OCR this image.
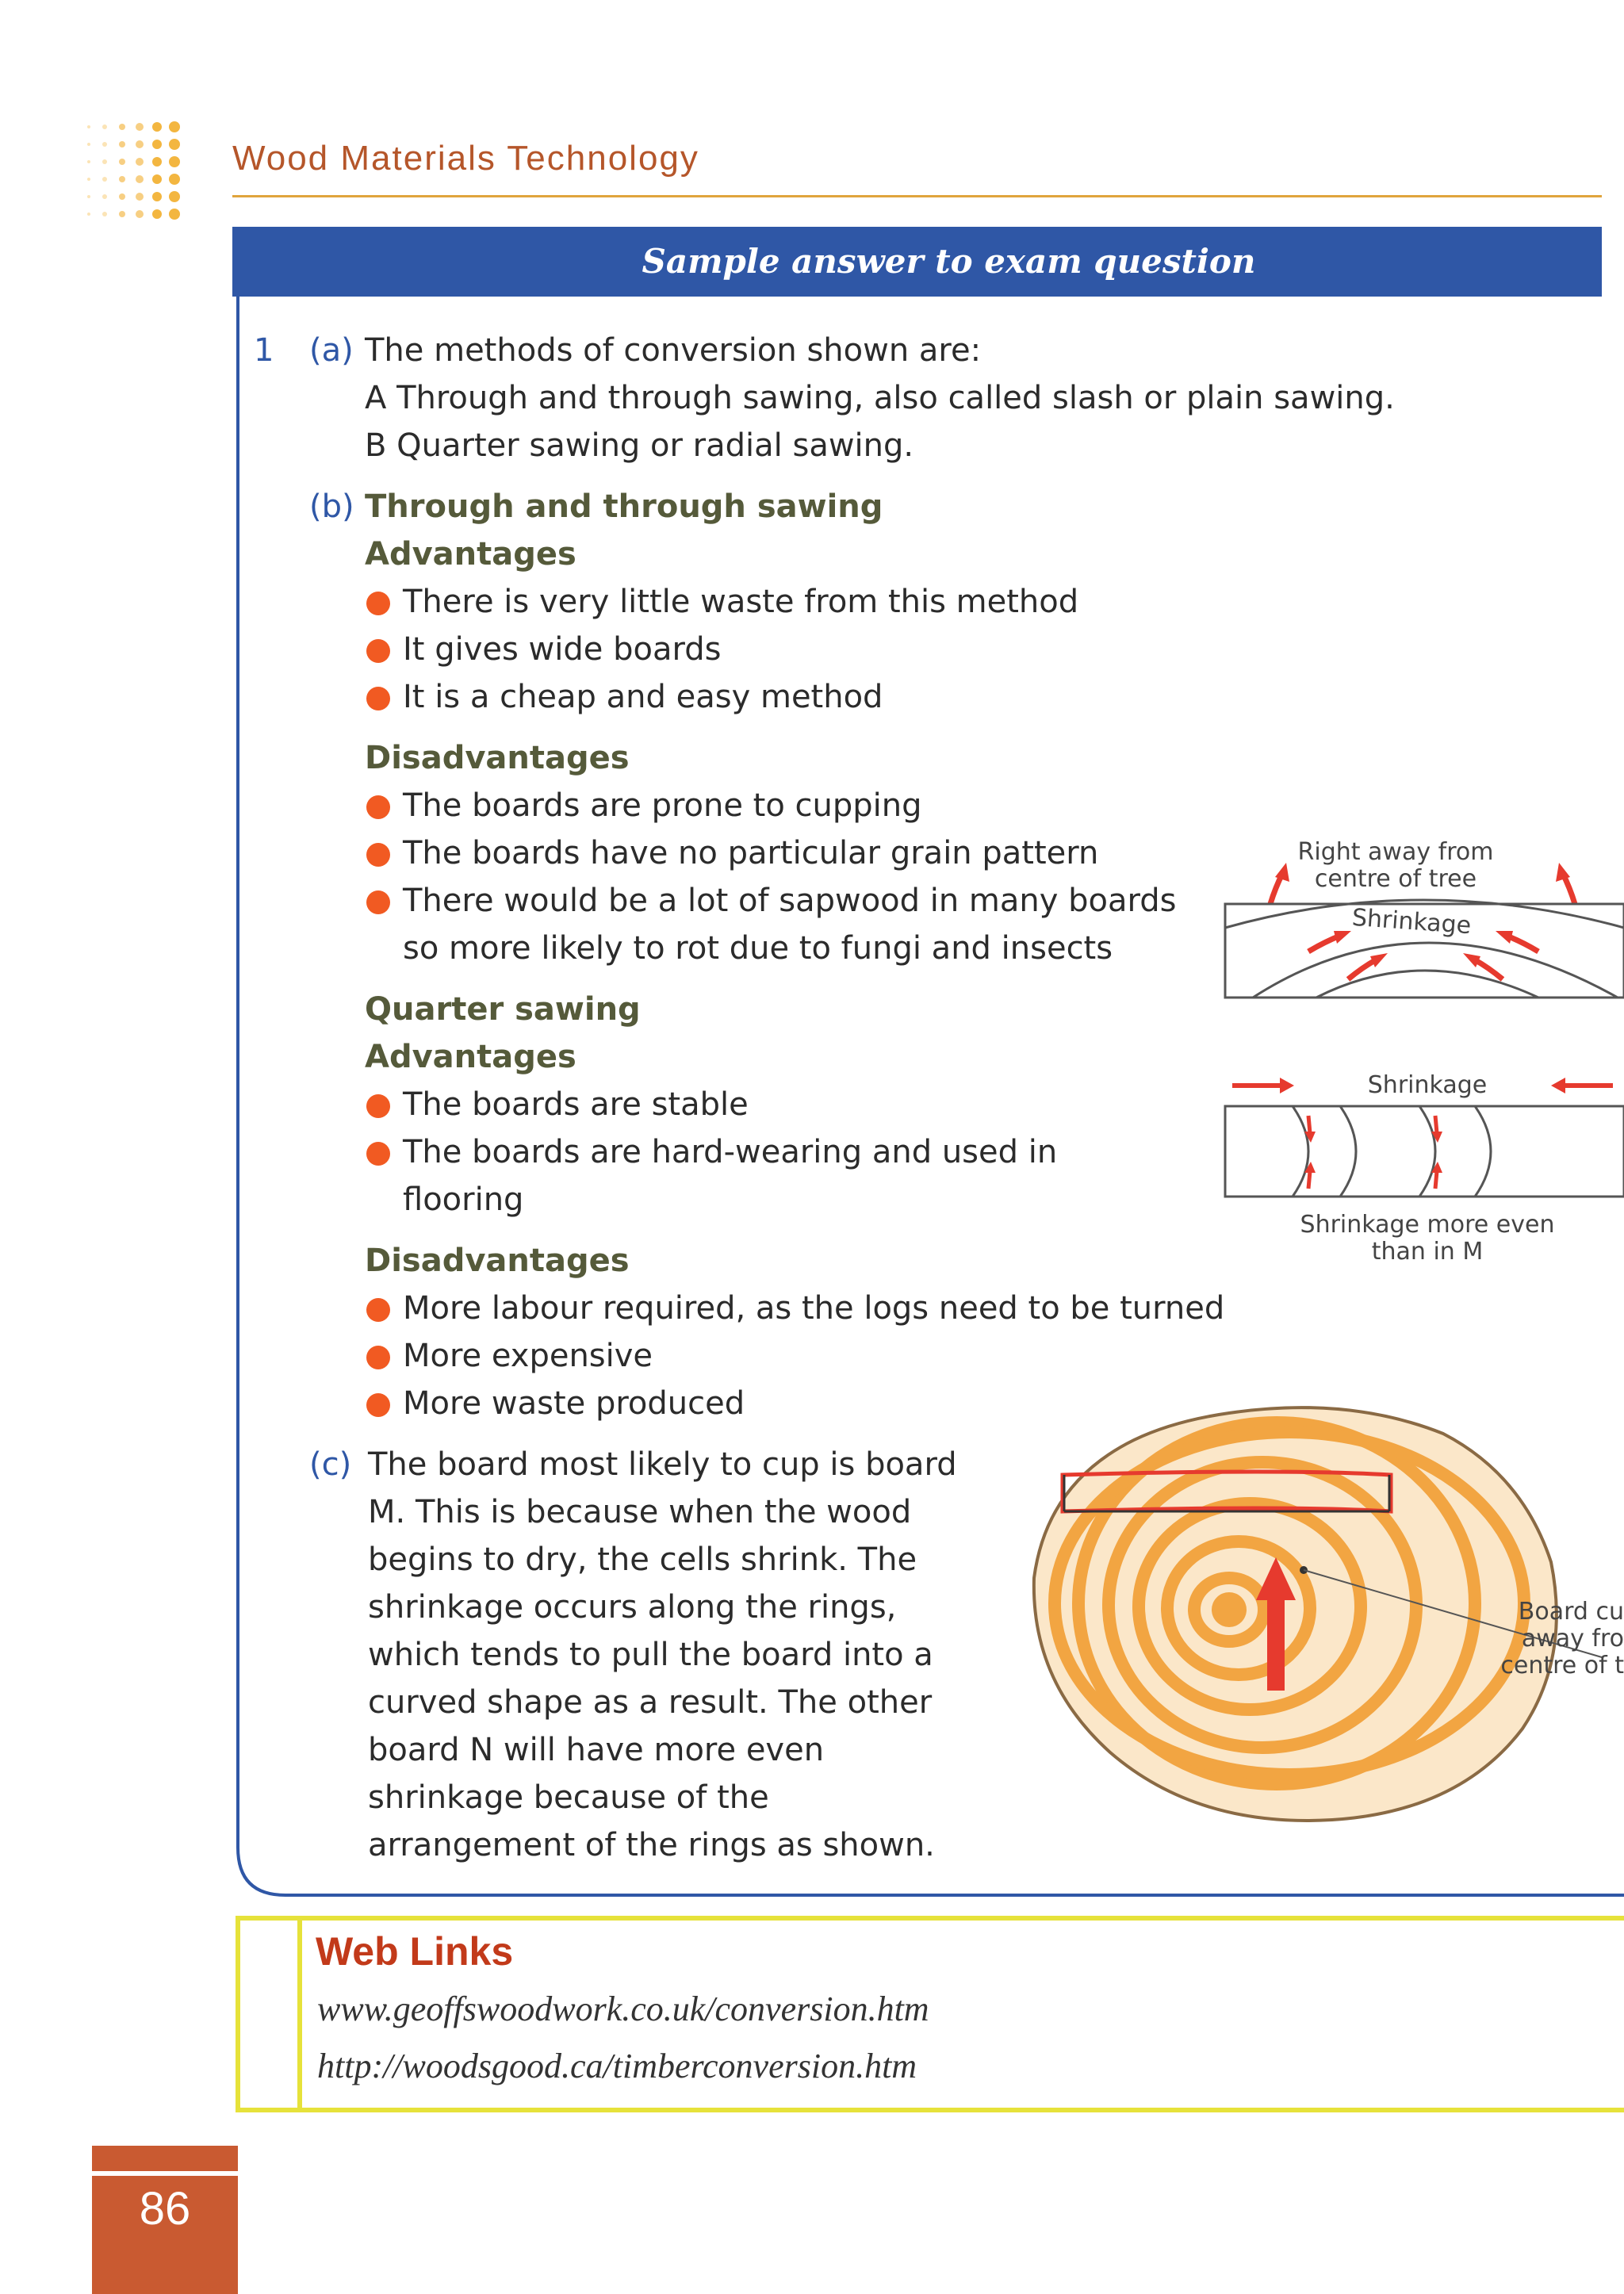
Wood Materials Technology
Sample answer to exam question
1 (a) The methods of conversion shown are:
A Through and through sawing, also called slash or plain sawing.
B Quarter sawing or radial sawing.
(b) Through and through sawing
Advantages
There is very little waste from this method
It gives wide boards
It is a cheap and easy method
Disadvantages
The boards are prone to cupping
The boards have no particular grain pattern
There would be a lot of sapwood in many boards
so more likely to rot due to fungi and insects
Quarter sawing
Advantages
The boards are stable
The boards are hard-wearing and used in
flooring
Disadvantages
More labour required, as the logs need to be turned
More expensive
More waste produced
(c) The board most likely to cup is board
M. This is because when the wood
begins to dry, the cells shrink. The
shrinkage occurs along the rings,
which tends to pull the board into a
curved shape as a result. The other
board N will have more even
shrinkage because of the
arrangement of the rings as shown.
Right away from
centre of tree
Shrinkage
Shrinkage
Shrinkage more even
than in M
Board cu
away fro
centre of t
Web Links
www.geoffswoodwork.co.uk/conversion.htm
http://woodsgood.ca/timberconversion.htm
86
